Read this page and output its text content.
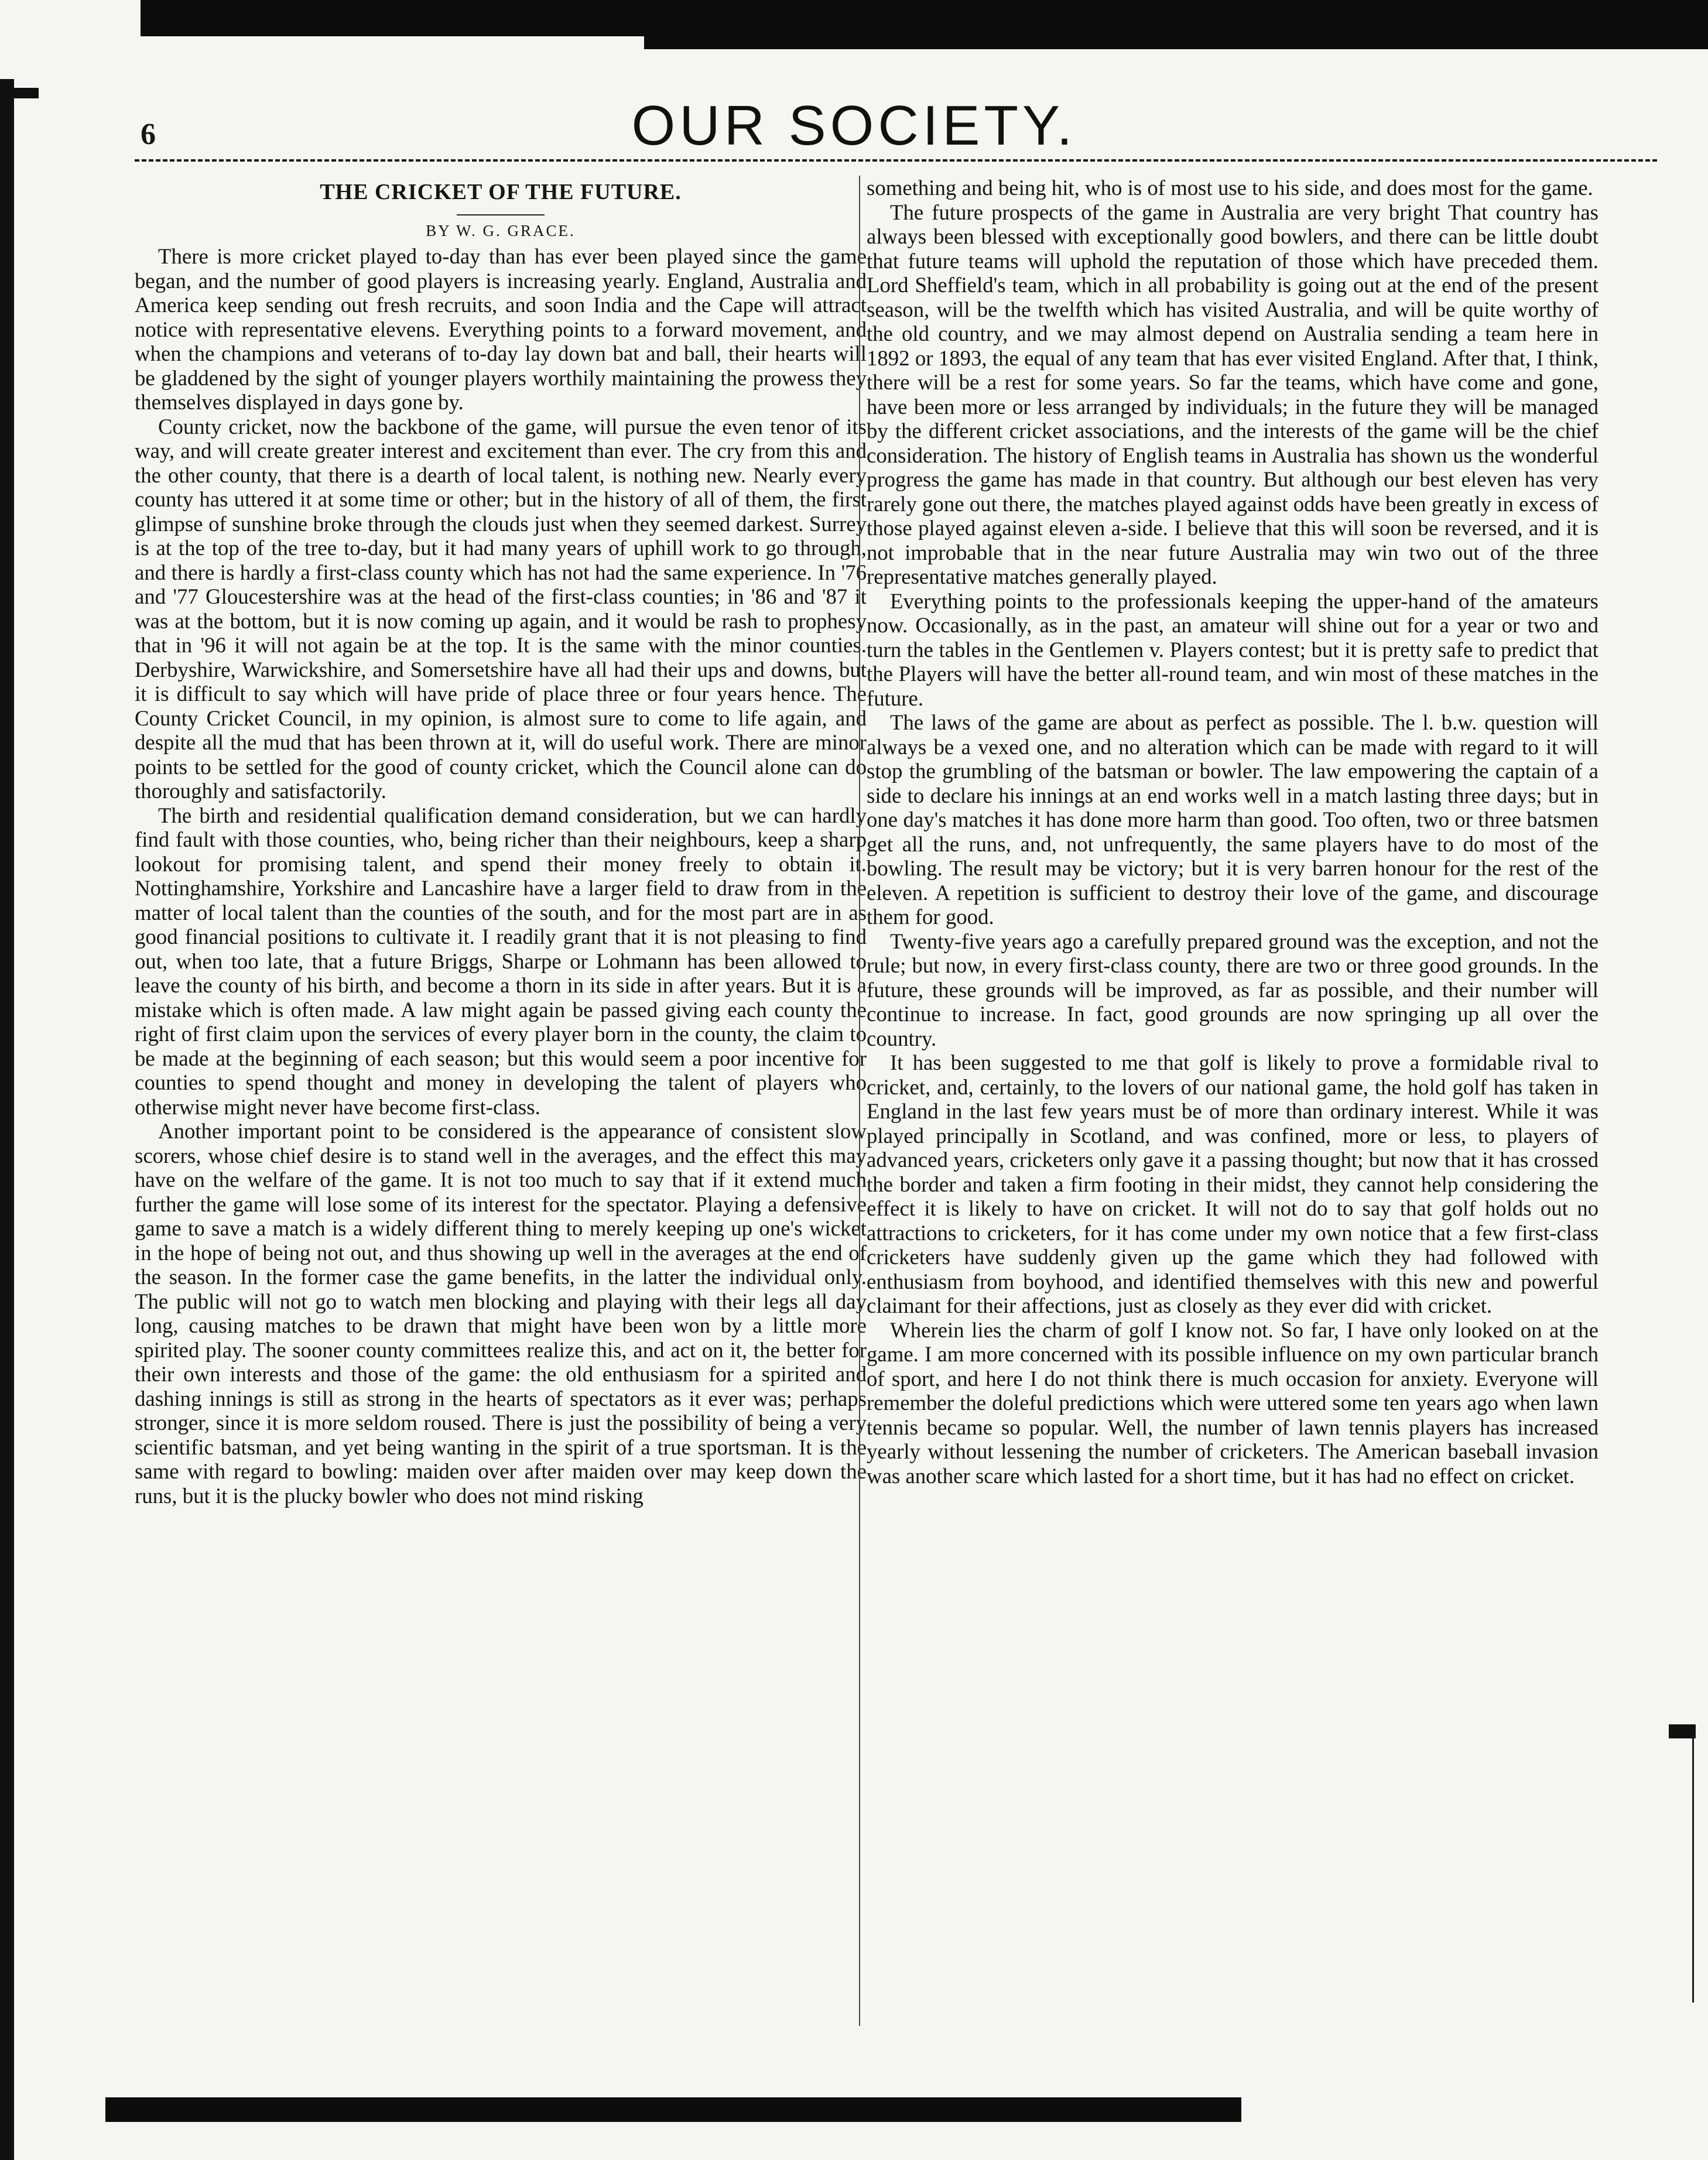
6	OUR SOCIETY.
THE CRICKET OF THE FUTURE.
BY W. G. GRACE.

There is more cricket played to-day than has ever been played since the game began, and the number of good players is increasing yearly. England, Australia and America keep sending out fresh recruits, and soon India and the Cape will attract notice with representative elevens. Everything points to a forward movement, and when the champions and veterans of to-day lay down bat and ball, their hearts will be gladdened by the sight of younger players worthily maintaining the prowess they themselves displayed in days gone by.

County cricket, now the backbone of the game, will pursue the even tenor of its way, and will create greater interest and excitement than ever. The cry from this and the other county, that there is a dearth of local talent, is nothing new. Nearly every county has uttered it at some time or other; but in the history of all of them, the first glimpse of sunshine broke through the clouds just when they seemed darkest. Surrey is at the top of the tree to-day, but it had many years of uphill work to go through, and there is hardly a first-class county which has not had the same experience. In '76 and '77 Gloucestershire was at the head of the first-class counties; in '86 and '87 it was at the bottom, but it is now coming up again, and it would be rash to prophesy that in '96 it will not again be at the top. It is the same with the minor counties. Derbyshire, Warwickshire, and Somersetshire have all had their ups and downs, but it is difficult to say which will have pride of place three or four years hence. The County Cricket Council, in my opinion, is almost sure to come to life again, and despite all the mud that has been thrown at it, will do useful work. There are minor points to be settled for the good of county cricket, which the Council alone can do thoroughly and satisfactorily.

The birth and residential qualification demand consideration, but we can hardly find fault with those counties, who, being richer than their neighbours, keep a sharp lookout for promising talent, and spend their money freely to obtain it. Nottinghamshire, Yorkshire and Lancashire have a larger field to draw from in the matter of local talent than the counties of the south, and for the most part are in as good financial positions to cultivate it. I readily grant that it is not pleasing to find out, when too late, that a future Briggs, Sharpe or Lohmann has been allowed to leave the county of his birth, and become a thorn in its side in after years. But it is a mistake which is often made. A law might again be passed giving each county the right of first claim upon the services of every player born in the county, the claim to be made at the beginning of each season; but this would seem a poor incentive for counties to spend thought and money in developing the talent of players who otherwise might never have become first-class.

Another important point to be considered is the appearance of consistent slow scorers, whose chief desire is to stand well in the averages, and the effect this may have on the welfare of the game. It is not too much to say that if it extend much further the game will lose some of its interest for the spectator. Playing a defensive game to save a match is a widely different thing to merely keeping up one's wicket in the hope of being not out, and thus showing up well in the averages at the end of the season. In the former case the game benefits, in the latter the individual only. The public will not go to watch men blocking and playing with their legs all day long, causing matches to be drawn that might have been won by a little more spirited play. The sooner county committees realize this, and act on it, the better for their own interests and those of the game: the old enthusiasm for a spirited and dashing innings is still as strong in the hearts of spectators as it ever was; perhaps stronger, since it is more seldom roused. There is just the possibility of being a very scientific batsman, and yet being wanting in the spirit of a true sportsman. It is the same with regard to bowling: maiden over after maiden over may keep down the runs, but it is the plucky bowler who does not mind risking

something and being hit, who is of most use to his side, and does most for the game.

The future prospects of the game in Australia are very bright That country has always been blessed with exceptionally good bowlers, and there can be little doubt that future teams will uphold the reputation of those which have preceded them. Lord Sheffield's team, which in all probability is going out at the end of the present season, will be the twelfth which has visited Australia, and will be quite worthy of the old country, and we may almost depend on Australia sending a team here in 1892 or 1893, the equal of any team that has ever visited England. After that, I think, there will be a rest for some years. So far the teams, which have come and gone, have been more or less arranged by individuals; in the future they will be managed by the different cricket associations, and the interests of the game will be the chief consideration. The history of English teams in Australia has shown us the wonderful progress the game has made in that country. But although our best eleven has very rarely gone out there, the matches played against odds have been greatly in excess of those played against eleven a-side. I believe that this will soon be reversed, and it is not improbable that in the near future Australia may win two out of the three representative matches generally played.

Everything points to the professionals keeping the upper-hand of the amateurs now. Occasionally, as in the past, an amateur will shine out for a year or two and turn the tables in the Gentlemen v. Players contest; but it is pretty safe to predict that the Players will have the better all-round team, and win most of these matches in the future.

The laws of the game are about as perfect as possible. The l. b.w. question will always be a vexed one, and no alteration which can be made with regard to it will stop the grumbling of the batsman or bowler. The law empowering the captain of a side to declare his innings at an end works well in a match lasting three days; but in one day's matches it has done more harm than good. Too often, two or three batsmen get all the runs, and, not unfrequently, the same players have to do most of the bowling. The result may be victory; but it is very barren honour for the rest of the eleven. A repetition is sufficient to destroy their love of the game, and discourage them for good.

Twenty-five years ago a carefully prepared ground was the exception, and not the rule; but now, in every first-class county, there are two or three good grounds. In the future, these grounds will be improved, as far as possible, and their number will continue to increase. In fact, good grounds are now springing up all over the country.

It has been suggested to me that golf is likely to prove a formidable rival to cricket, and, certainly, to the lovers of our national game, the hold golf has taken in England in the last few years must be of more than ordinary interest. While it was played principally in Scotland, and was confined, more or less, to players of advanced years, cricketers only gave it a passing thought; but now that it has crossed the border and taken a firm footing in their midst, they cannot help considering the effect it is likely to have on cricket. It will not do to say that golf holds out no attractions to cricketers, for it has come under my own notice that a few first-class cricketers have suddenly given up the game which they had followed with enthusiasm from boyhood, and identified themselves with this new and powerful claimant for their affections, just as closely as they ever did with cricket.

Wherein lies the charm of golf I know not. So far, I have only looked on at the game. I am more concerned with its possible influence on my own particular branch of sport, and here I do not think there is much occasion for anxiety. Everyone will remember the doleful predictions which were uttered some ten years ago when lawn tennis became so popular. Well, the number of lawn tennis players has increased yearly without lessening the number of cricketers. The American baseball invasion was another scare which lasted for a short time, but it has had no effect on cricket.
